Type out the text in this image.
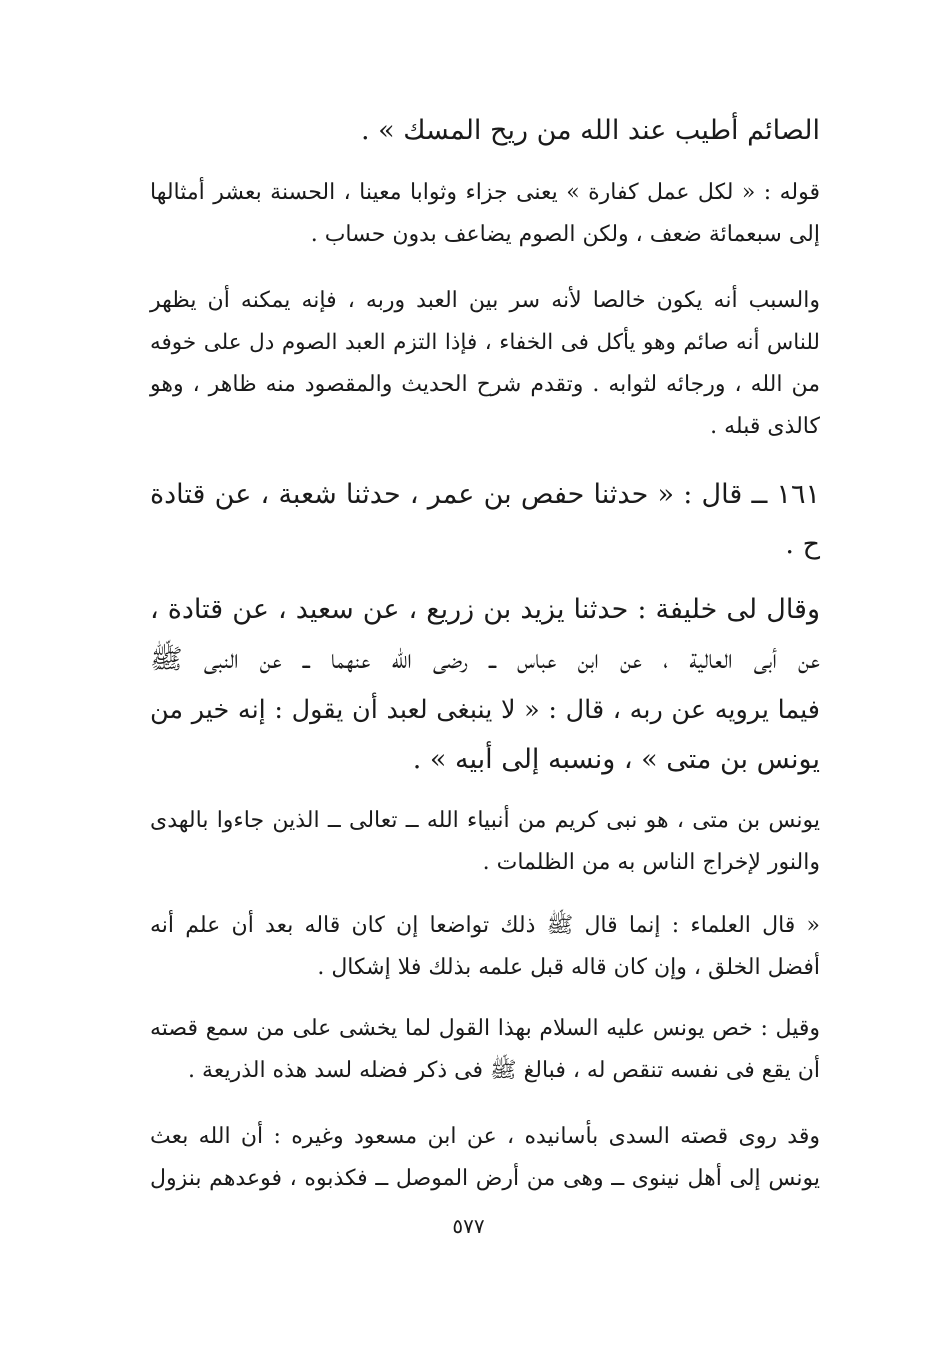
الصائم أطيب عند الله من ريح المسك » .
قوله : « لكل عمل كفارة » يعنى جزاء وثوابا معينا ، الحسنة بعشر أمثالها
إلى سبعمائة ضعف ، ولكن الصوم يضاعف بدون حساب .
والسبب أنه يكون خالصا لأنه سر بين العبد وربه ، فإنه يمكنه أن يظهر
للناس أنه صائم وهو يأكل فى الخفاء ، فإذا التزم العبد الصوم دل على خوفه
من الله ، ورجائه لثوابه . وتقدم شرح الحديث والمقصود منه ظاهر ، وهو
كالذى قبله .
١٦١ ــ قال : « حدثنا حفص بن عمر ، حدثنا شعبة ، عن قتادة
ح .
وقال لى خليفة : حدثنا يزيد بن زريع ، عن سعيد ، عن قتادة ،
عن أبى العالية ، عن ابن عباس ــ رضى الله عنهما ــ عن النبى ﷺ
فيما يرويه عن ربه ، قال : « لا ينبغى لعبد أن يقول : إنه خير من
يونس بن متى » ، ونسبه إلى أبيه » .
يونس بن متى ، هو نبى كريم من أنبياء الله ــ تعالى ــ الذين جاءوا بالهدى
والنور لإخراج الناس به من الظلمات .
« قال العلماء : إنما قال ﷺ ذلك تواضعا إن كان قاله بعد أن علم أنه
أفضل الخلق ، وإن كان قاله قبل علمه بذلك فلا إشكال .
وقيل : خص يونس عليه السلام بهذا القول لما يخشى على من سمع قصته
أن يقع فى نفسه تنقص له ، فبالغ ﷺ فى ذكر فضله لسد هذه الذريعة .
وقد روى قصته السدى بأسانيده ، عن ابن مسعود وغيره : أن الله بعث
يونس إلى أهل نينوى ــ وهى من أرض الموصل ــ فكذبوه ، فوعدهم بنزول
٥٧٧
